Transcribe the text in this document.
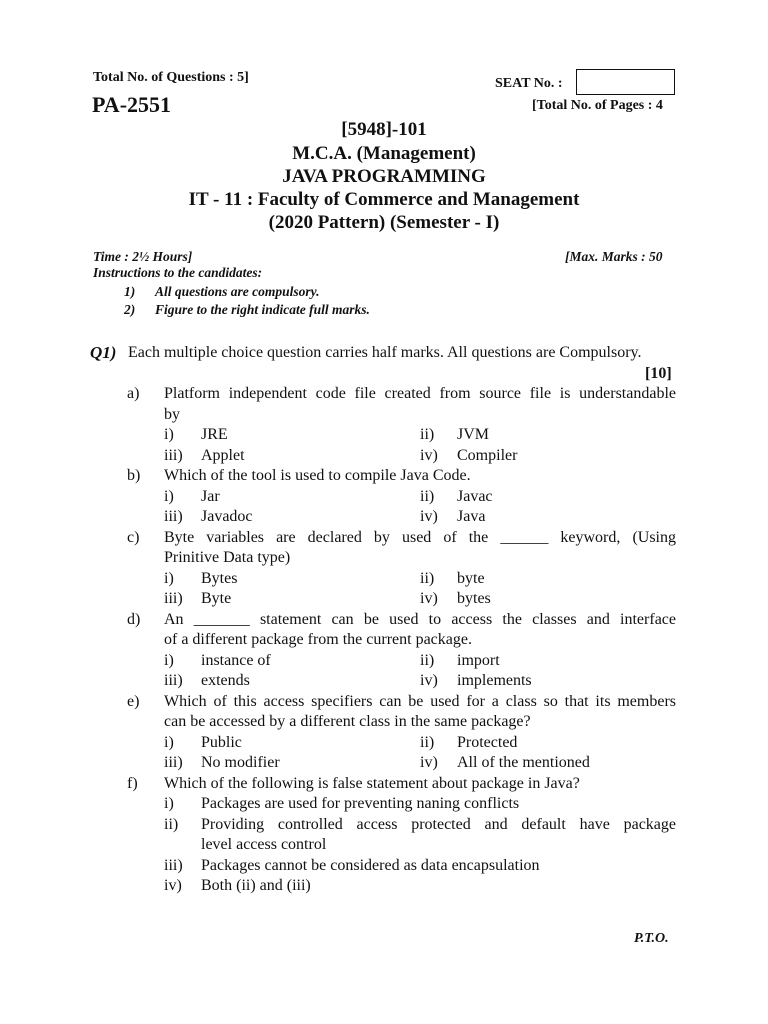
Total No. of Questions : 5]	SEAT No. :
PA-2551	[Total No. of Pages : 4
[5948]-101
M.C.A. (Management)
JAVA PROGRAMMING
IT - 11 : Faculty of Commerce and Management
(2020 Pattern) (Semester - I)
Time : 2½ Hours]	[Max. Marks : 50
Instructions to the candidates:
1) All questions are compulsory.
2) Figure to the right indicate full marks.
Q1) Each multiple choice question carries half marks. All questions are Compulsory.
[10]
a) Platform independent code file created from source file is understandable
by
i) JRE	ii) JVM
iii) Applet	iv) Compiler
b) Which of the tool is used to compile Java Code.
i) Jar	ii) Javac
iii) Javadoc	iv) Java
c) Byte variables are declared by used of the ______ keyword, (Using
Prinitive Data type)
i) Bytes	ii) byte
iii) Byte	iv) bytes
d) An _______ statement can be used to access the classes and interface
of a different package from the current package.
i) instance of	ii) import
iii) extends	iv) implements
e) Which of this access specifiers can be used for a class so that its members
can be accessed by a different class in the same package?
i) Public	ii) Protected
iii) No modifier	iv) All of the mentioned
f) Which of the following is false statement about package in Java?
i) Packages are used for preventing naning conflicts
ii) Providing controlled access protected and default have package
level access control
iii) Packages cannot be considered as data encapsulation
iv) Both (ii) and (iii)
P.T.O.
